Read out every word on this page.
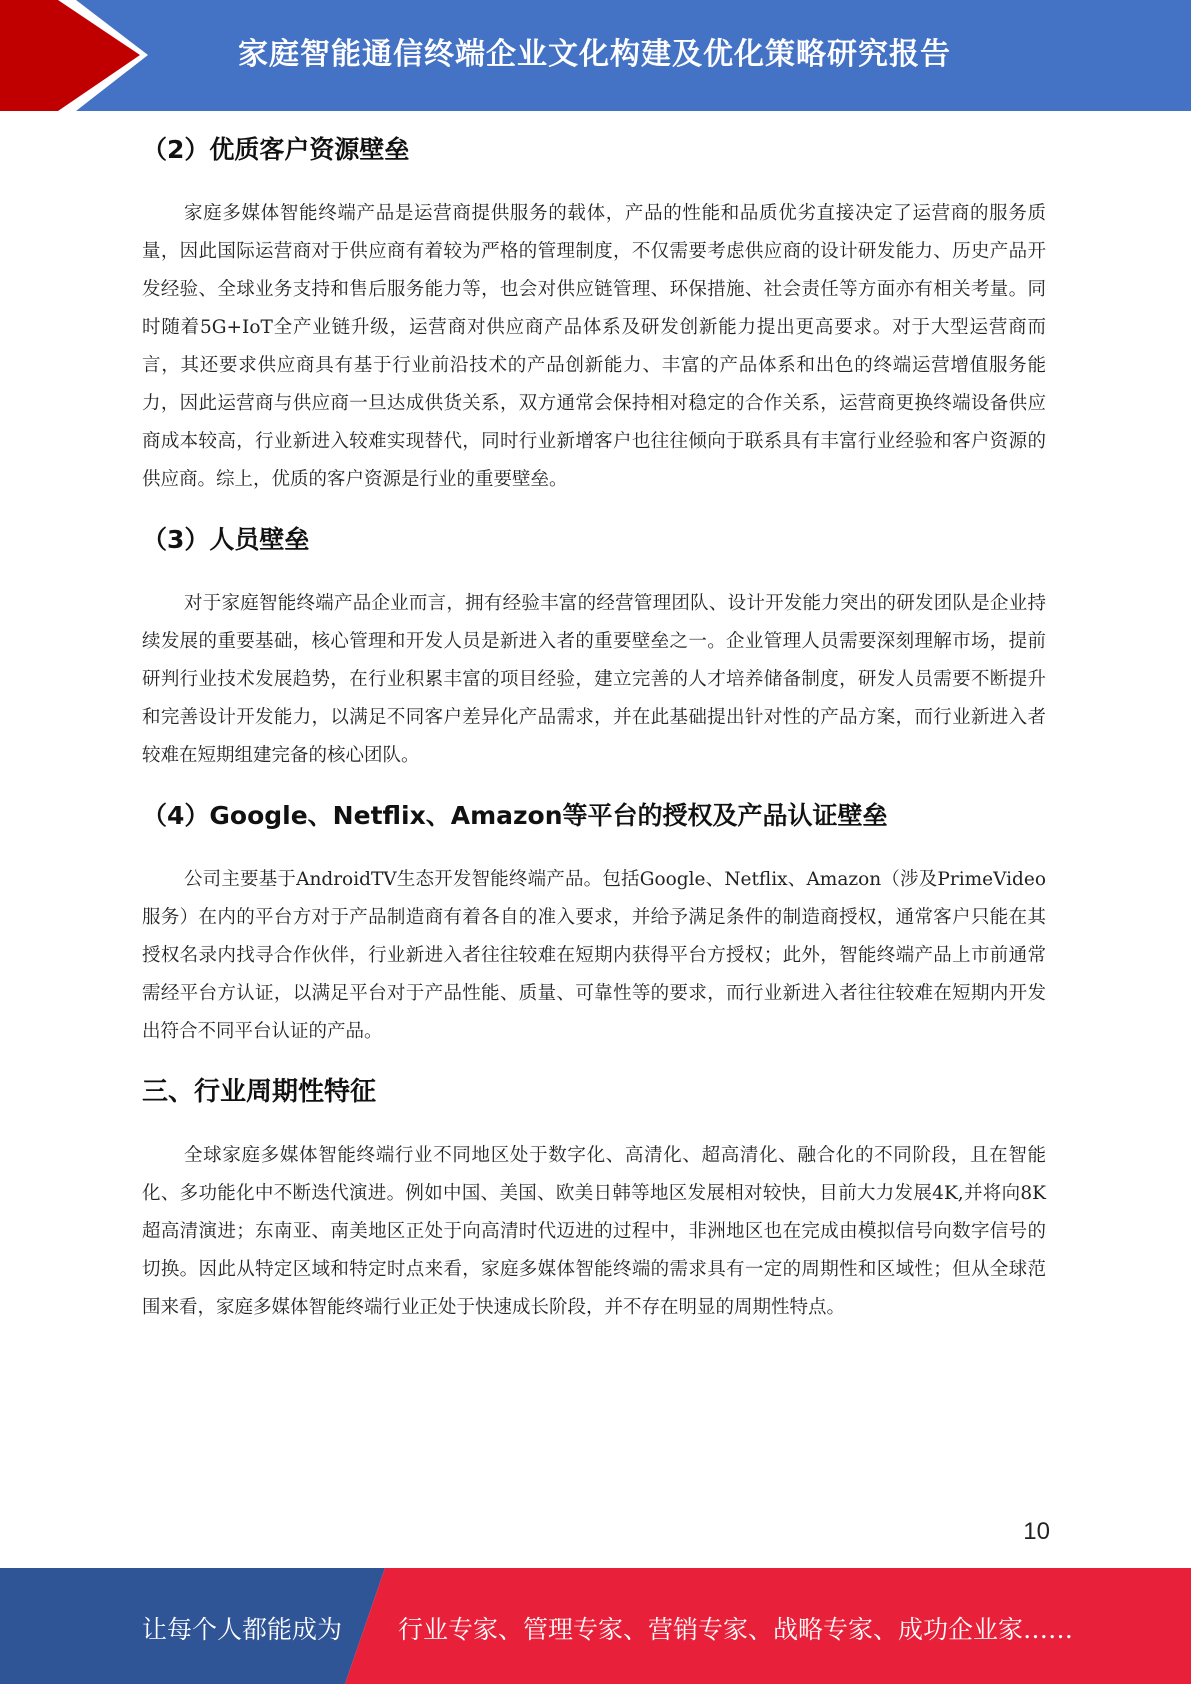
家庭智能通信终端企业文化构建及优化策略研究报告
（2）优质客户资源壁垒

家庭多媒体智能终端产品是运营商提供服务的载体，产品的性能和品质优劣直接决定了运营商的服务质量，因此国际运营商对于供应商有着较为严格的管理制度，不仅需要考虑供应商的设计研发能力、历史产品开发经验、全球业务支持和售后服务能力等，也会对供应链管理、环保措施、社会责任等方面亦有相关考量。同时随着5G+IoT全产业链升级，运营商对供应商产品体系及研发创新能力提出更高要求。对于大型运营商而言，其还要求供应商具有基于行业前沿技术的产品创新能力、丰富的产品体系和出色的终端运营增值服务能力，因此运营商与供应商一旦达成供货关系，双方通常会保持相对稳定的合作关系，运营商更换终端设备供应商成本较高，行业新进入较难实现替代，同时行业新增客户也往往倾向于联系具有丰富行业经验和客户资源的供应商。综上，优质的客户资源是行业的重要壁垒。

（3）人员壁垒

对于家庭智能终端产品企业而言，拥有经验丰富的经营管理团队、设计开发能力突出的研发团队是企业持续发展的重要基础，核心管理和开发人员是新进入者的重要壁垒之一。企业管理人员需要深刻理解市场，提前研判行业技术发展趋势，在行业积累丰富的项目经验，建立完善的人才培养储备制度，研发人员需要不断提升和完善设计开发能力，以满足不同客户差异化产品需求，并在此基础提出针对性的产品方案，而行业新进入者较难在短期组建完备的核心团队。

（4）Google、Netflix、Amazon等平台的授权及产品认证壁垒

公司主要基于AndroidTV生态开发智能终端产品。包括Google、Netflix、Amazon（涉及PrimeVideo服务）在内的平台方对于产品制造商有着各自的准入要求，并给予满足条件的制造商授权，通常客户只能在其授权名录内找寻合作伙伴，行业新进入者往往较难在短期内获得平台方授权；此外，智能终端产品上市前通常需经平台方认证，以满足平台对于产品性能、质量、可靠性等的要求，而行业新进入者往往较难在短期内开发出符合不同平台认证的产品。

三、行业周期性特征

全球家庭多媒体智能终端行业不同地区处于数字化、高清化、超高清化、融合化的不同阶段，且在智能化、多功能化中不断迭代演进。例如中国、美国、欧美日韩等地区发展相对较快，目前大力发展4K,并将向8K超高清演进；东南亚、南美地区正处于向高清时代迈进的过程中，非洲地区也在完成由模拟信号向数字信号的切换。因此从特定区域和特定时点来看，家庭多媒体智能终端的需求具有一定的周期性和区域性；但从全球范围来看，家庭多媒体智能终端行业正处于快速成长阶段，并不存在明显的周期性特点。

10
让每个人都能成为 行业专家、管理专家、营销专家、战略专家、成功企业家……
